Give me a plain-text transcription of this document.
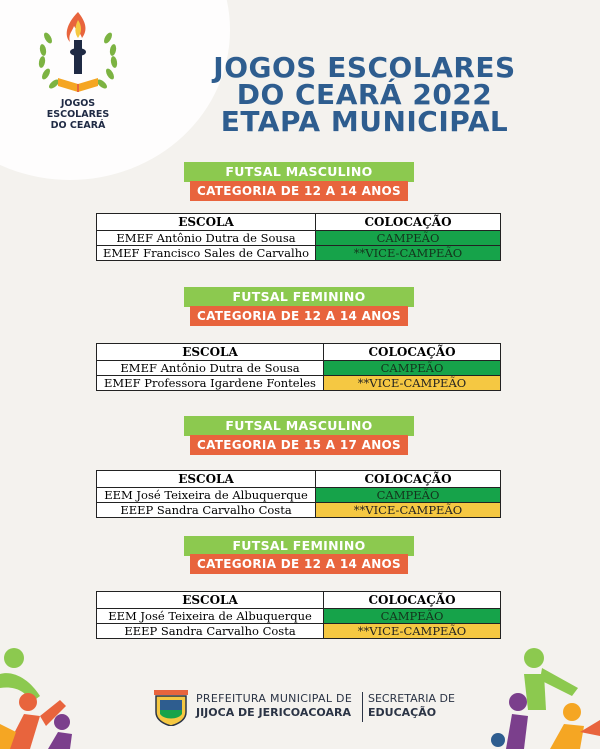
JOGOS
ESCOLARES
DO CEARÁ
JOGOS ESCOLARES
DO CEARÁ 2022
ETAPA MUNICIPAL
FUTSAL MASCULINO
CATEGORIA DE 12 A 14 ANOS
ESCOLA	COLOCAÇÃO
EMEF Antônio Dutra de Sousa	CAMPEÃO
EMEF Francisco Sales de Carvalho	**VICE-CAMPEÃO
FUTSAL FEMININO
CATEGORIA DE 12 A 14 ANOS
ESCOLA	COLOCAÇÃO
EMEF Antônio Dutra de Sousa	CAMPEÃO
EMEF Professora Igardene Fonteles	**VICE-CAMPEÃO
FUTSAL MASCULINO
CATEGORIA DE 15 A 17 ANOS
ESCOLA	COLOCAÇÃO
EEM José Teixeira de Albuquerque	CAMPEÃO
EEEP Sandra Carvalho Costa	**VICE-CAMPEÃO
FUTSAL FEMININO
CATEGORIA DE 12 A 14 ANOS
ESCOLA	COLOCAÇÃO
EEM José Teixeira de Albuquerque	CAMPEÃO
EEEP Sandra Carvalho Costa	**VICE-CAMPEÃO
PREFEITURA MUNICIPAL DE
JIJOCA DE JERICOACOARA
SECRETARIA DE
EDUCAÇÃO
